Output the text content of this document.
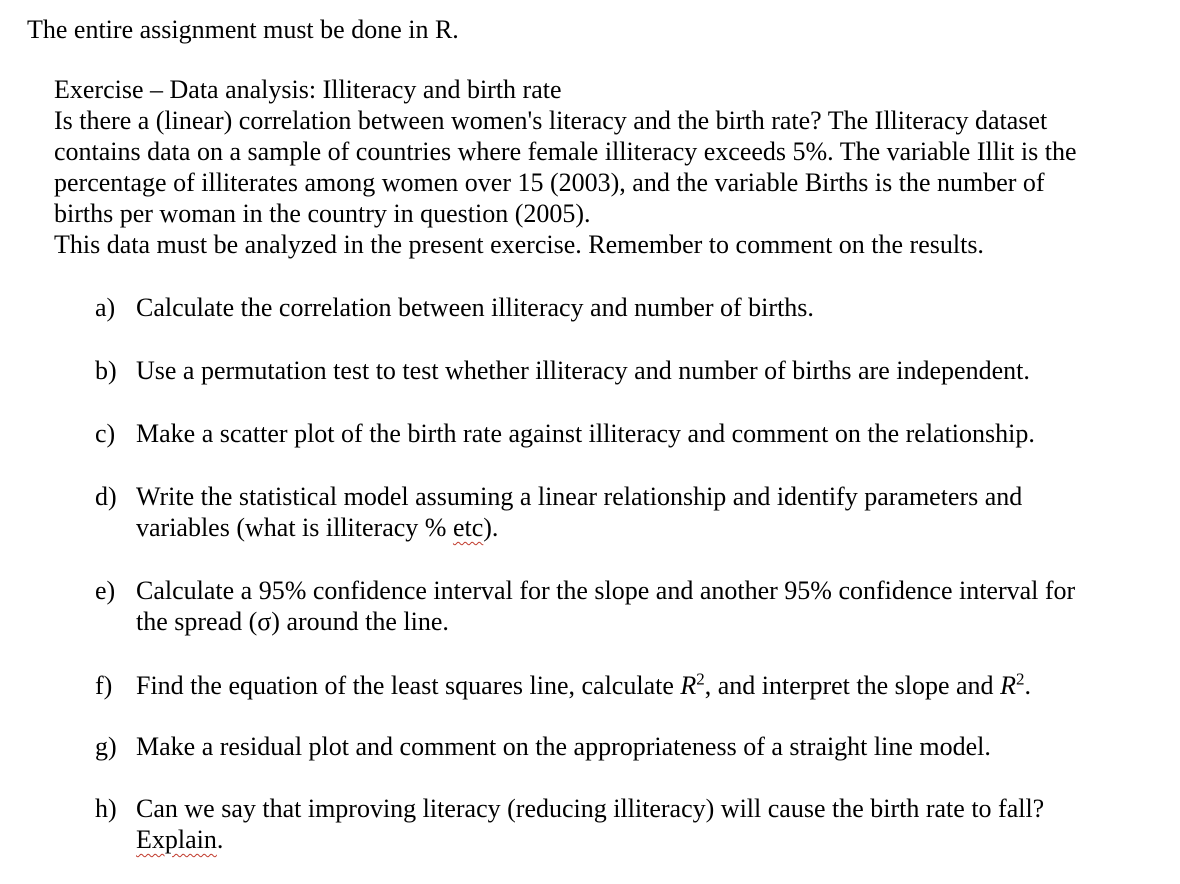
The entire assignment must be done in R.
Exercise – Data analysis: Illiteracy and birth rate
Is there a (linear) correlation between women's literacy and the birth rate? The Illiteracy dataset
contains data on a sample of countries where female illiteracy exceeds 5%. The variable Illit is the
percentage of illiterates among women over 15 (2003), and the variable Births is the number of
births per woman in the country in question (2005).
This data must be analyzed in the present exercise. Remember to comment on the results.
a) Calculate the correlation between illiteracy and number of births.
b) Use a permutation test to test whether illiteracy and number of births are independent.
c) Make a scatter plot of the birth rate against illiteracy and comment on the relationship.
d) Write the statistical model assuming a linear relationship and identify parameters and
variables (what is illiteracy % etc).
e) Calculate a 95% confidence interval for the slope and another 95% confidence interval for
the spread (σ) around the line.
f) Find the equation of the least squares line, calculate $R^2$, and interpret the slope and $R^2$.
g) Make a residual plot and comment on the appropriateness of a straight line model.
h) Can we say that improving literacy (reducing illiteracy) will cause the birth rate to fall?
Explain.
